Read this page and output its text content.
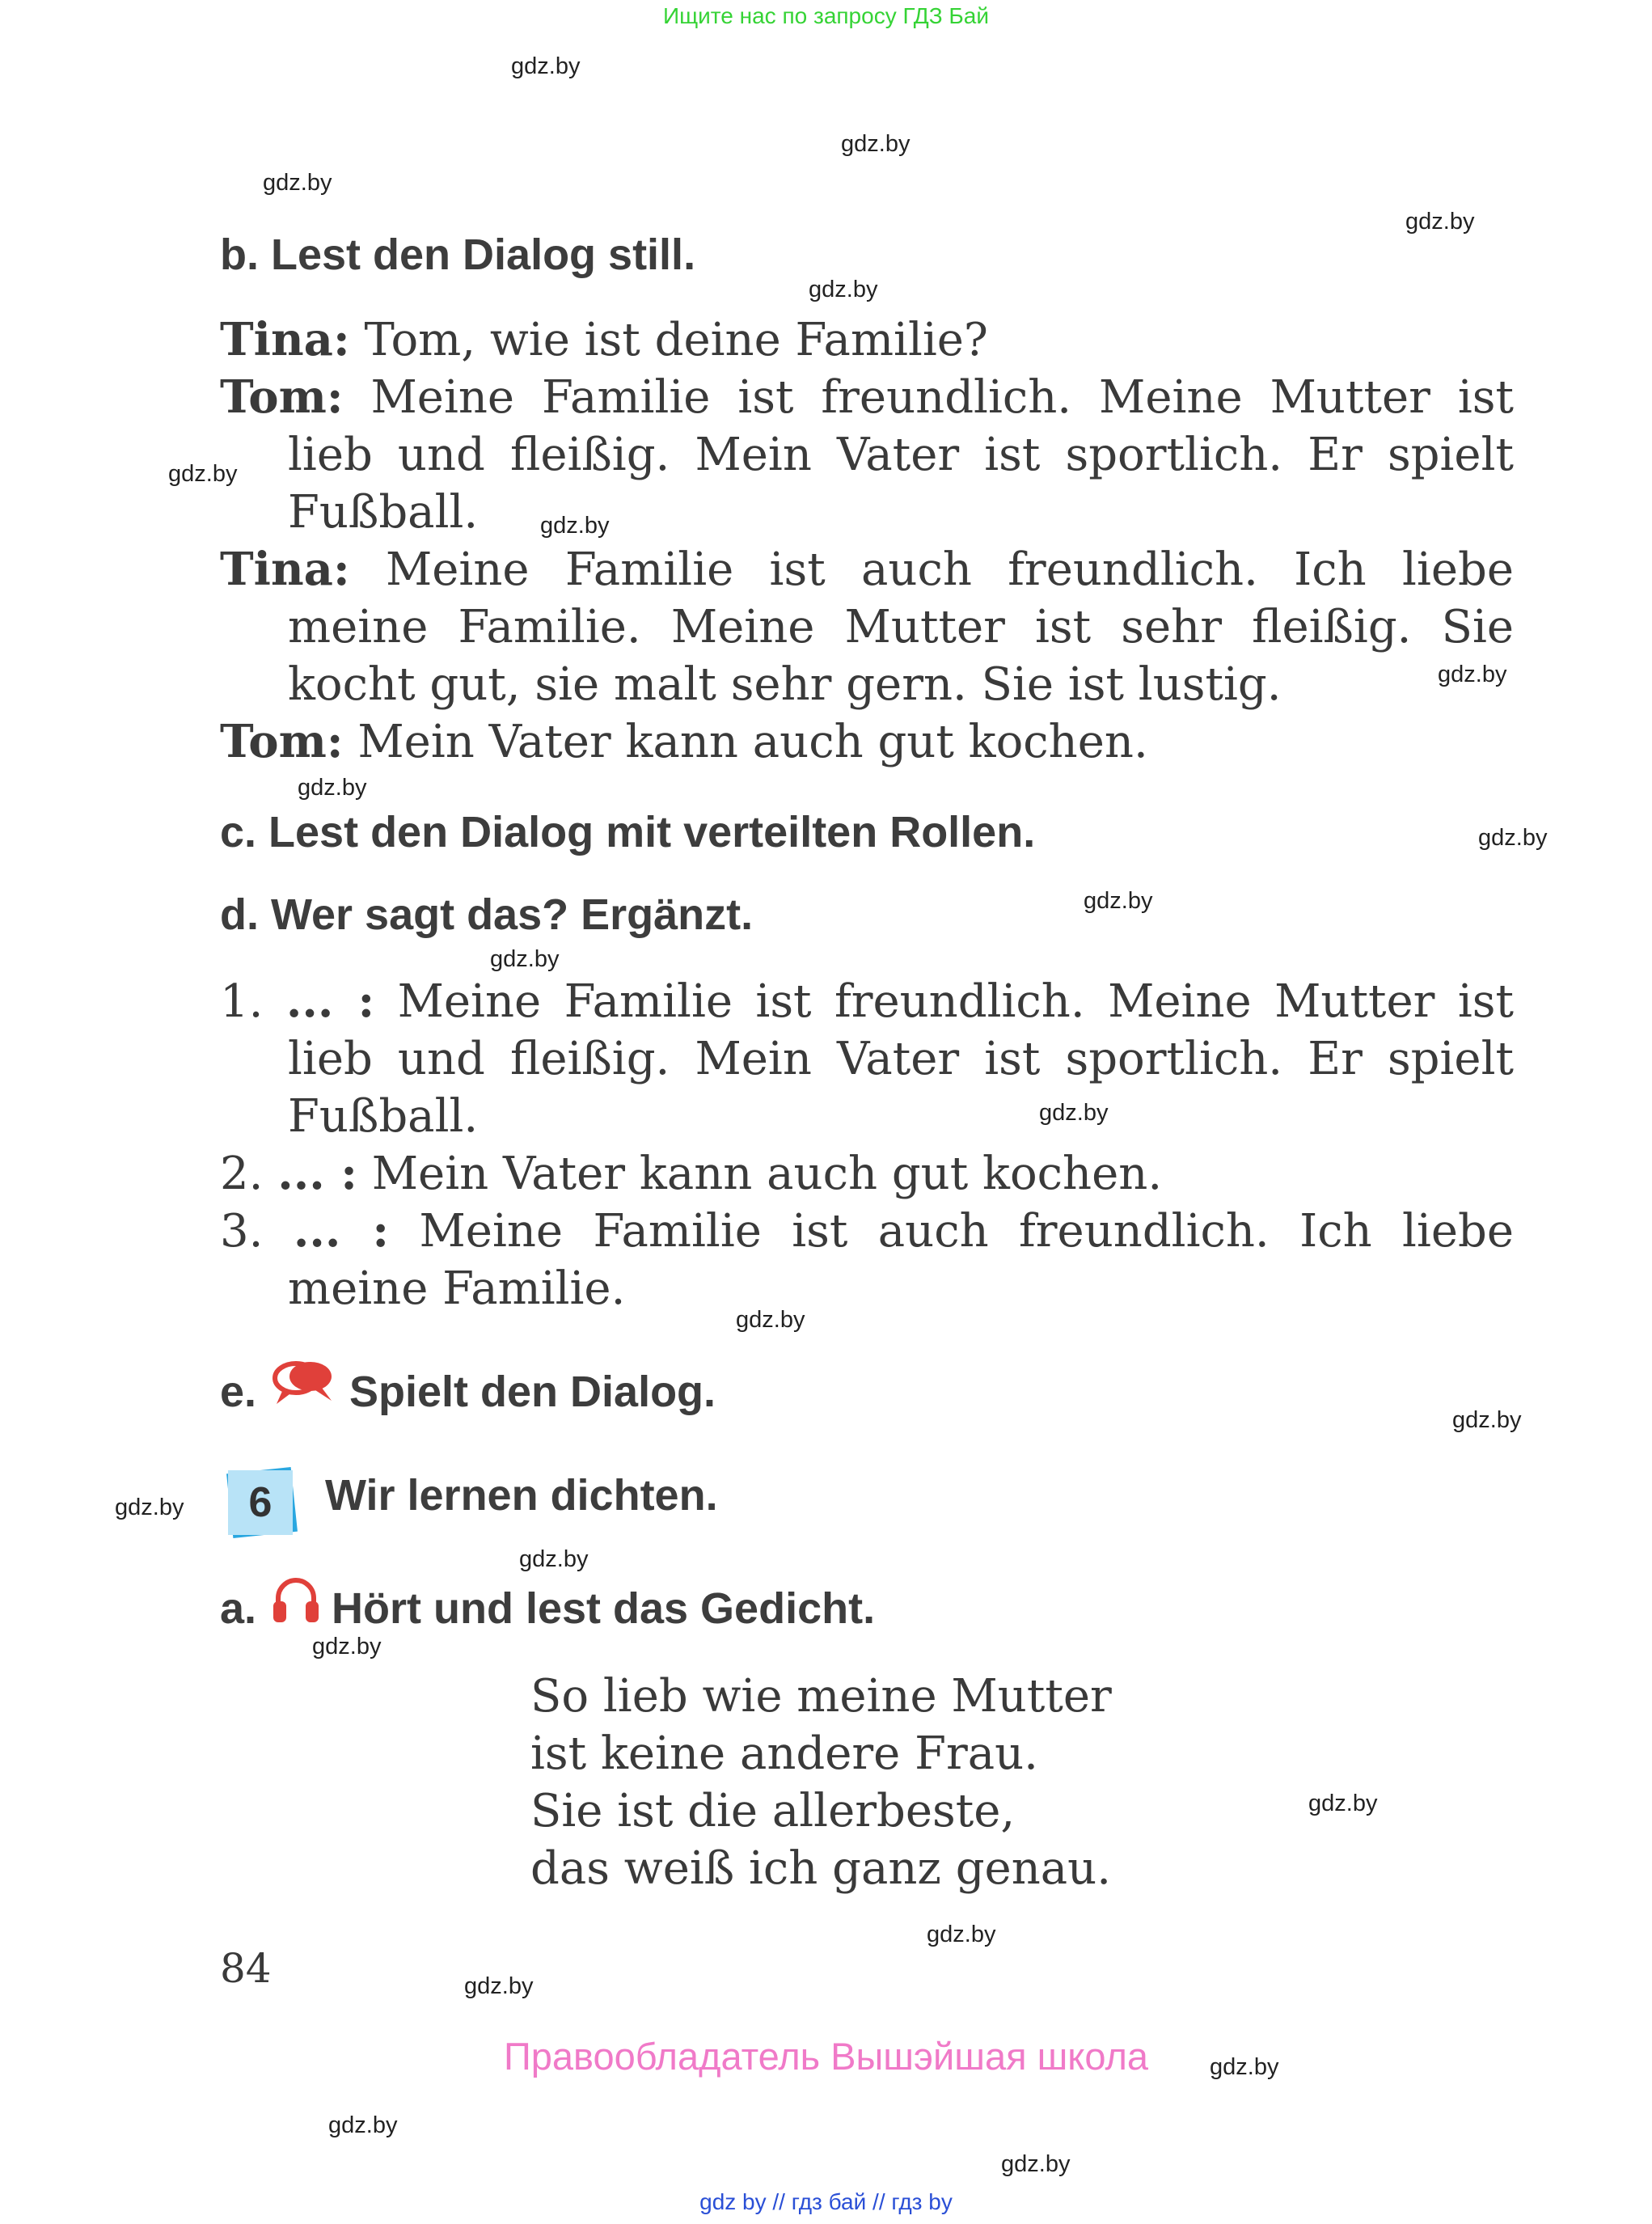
Ищите нас по запросу ГДЗ Бай
gdz.by
gdz.by
gdz.by
gdz.by
gdz.by
gdz.by
gdz.by
gdz.by
gdz.by
gdz.by
gdz.by
gdz.by
gdz.by
gdz.by
gdz.by
gdz.by
gdz.by
gdz.by
gdz.by
gdz.by
gdz.by
gdz.by
gdz.by
gdz.by
b. Lest den Dialog still.
Tina: Tom, wie ist deine Familie?
Tom: Meine Familie ist freundlich. Meine Mutter ist lieb und fleißig. Mein Vater ist sportlich. Er spielt Fußball.
Tina: Meine Familie ist auch freundlich. Ich liebe meine Familie. Meine Mutter ist sehr fleißig. Sie kocht gut, sie malt sehr gern. Sie ist lustig.
Tom: Mein Vater kann auch gut kochen.
c. Lest den Dialog mit verteilten Rollen.
d. Wer sagt das? Ergänzt.
1. ... : Meine Familie ist freundlich. Meine Mutter ist lieb und fleißig. Mein Vater ist sportlich. Er spielt Fußball.
2. ... : Mein Vater kann auch gut kochen.
3. ... : Meine Familie ist auch freundlich. Ich liebe meine Familie.
e. Spielt den Dialog.
6	Wir lernen dichten.
a. Hört und lest das Gedicht.
So lieb wie meine Mutter
ist keine andere Frau.
Sie ist die allerbeste,
das weiß ich ganz genau.
84
Правообладатель Вышэйшая школа
gdz by // гдз бай // гдз by
